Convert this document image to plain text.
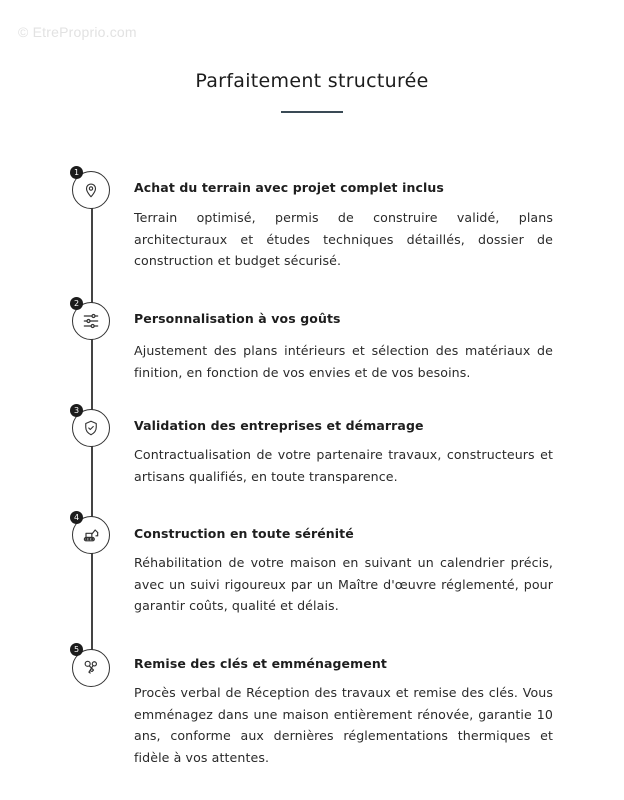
© EtreProprio.com
Parfaitement structurée
1
Achat du terrain avec projet complet inclus
Terrain optimisé, permis de construire validé, plans architecturaux et études techniques détaillés, dossier de construction et budget sécurisé.
2
Personnalisation à vos goûts
Ajustement des plans intérieurs et sélection des matériaux de finition, en fonction de vos envies et de vos besoins.
3
Validation des entreprises et démarrage
Contractualisation de votre partenaire travaux, constructeurs et artisans qualifiés, en toute transparence.
4
Construction en toute sérénité
Réhabilitation de votre maison en suivant un calendrier précis, avec un suivi rigoureux par un Maître d'œuvre réglementé, pour garantir coûts, qualité et délais.
5
Remise des clés et emménagement
Procès verbal de Réception des travaux et remise des clés. Vous emménagez dans une maison entièrement rénovée, garantie 10 ans, conforme aux dernières réglementations thermiques et fidèle à vos attentes.
